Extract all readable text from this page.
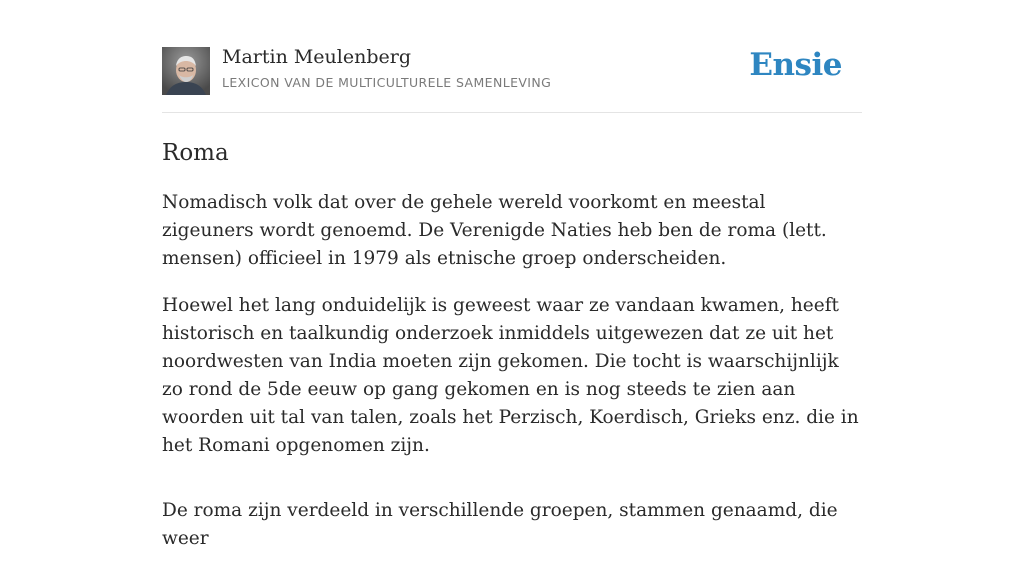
Martin Meulenberg
LEXICON VAN DE MULTICULTURELE SAMENLEVING	Ensie
Roma

Nomadisch volk dat over de gehele wereld voorkomt en meestal zigeuners wordt genoemd. De Verenigde Naties heb ben de roma (lett. mensen) officieel in 1979 als etnische groep onderscheiden.

Hoewel het lang onduidelijk is geweest waar ze vandaan kwamen, heeft historisch en taalkundig onderzoek inmiddels uitgewezen dat ze uit het noordwesten van India moeten zijn gekomen. Die tocht is waarschijnlijk zo rond de 5de eeuw op gang gekomen en is nog steeds te zien aan woorden uit tal van talen, zoals het Perzisch, Koerdisch, Grieks enz. die in het Romani opgenomen zijn.

De roma zijn verdeeld in verschillende groepen, stammen genaamd, die weer
